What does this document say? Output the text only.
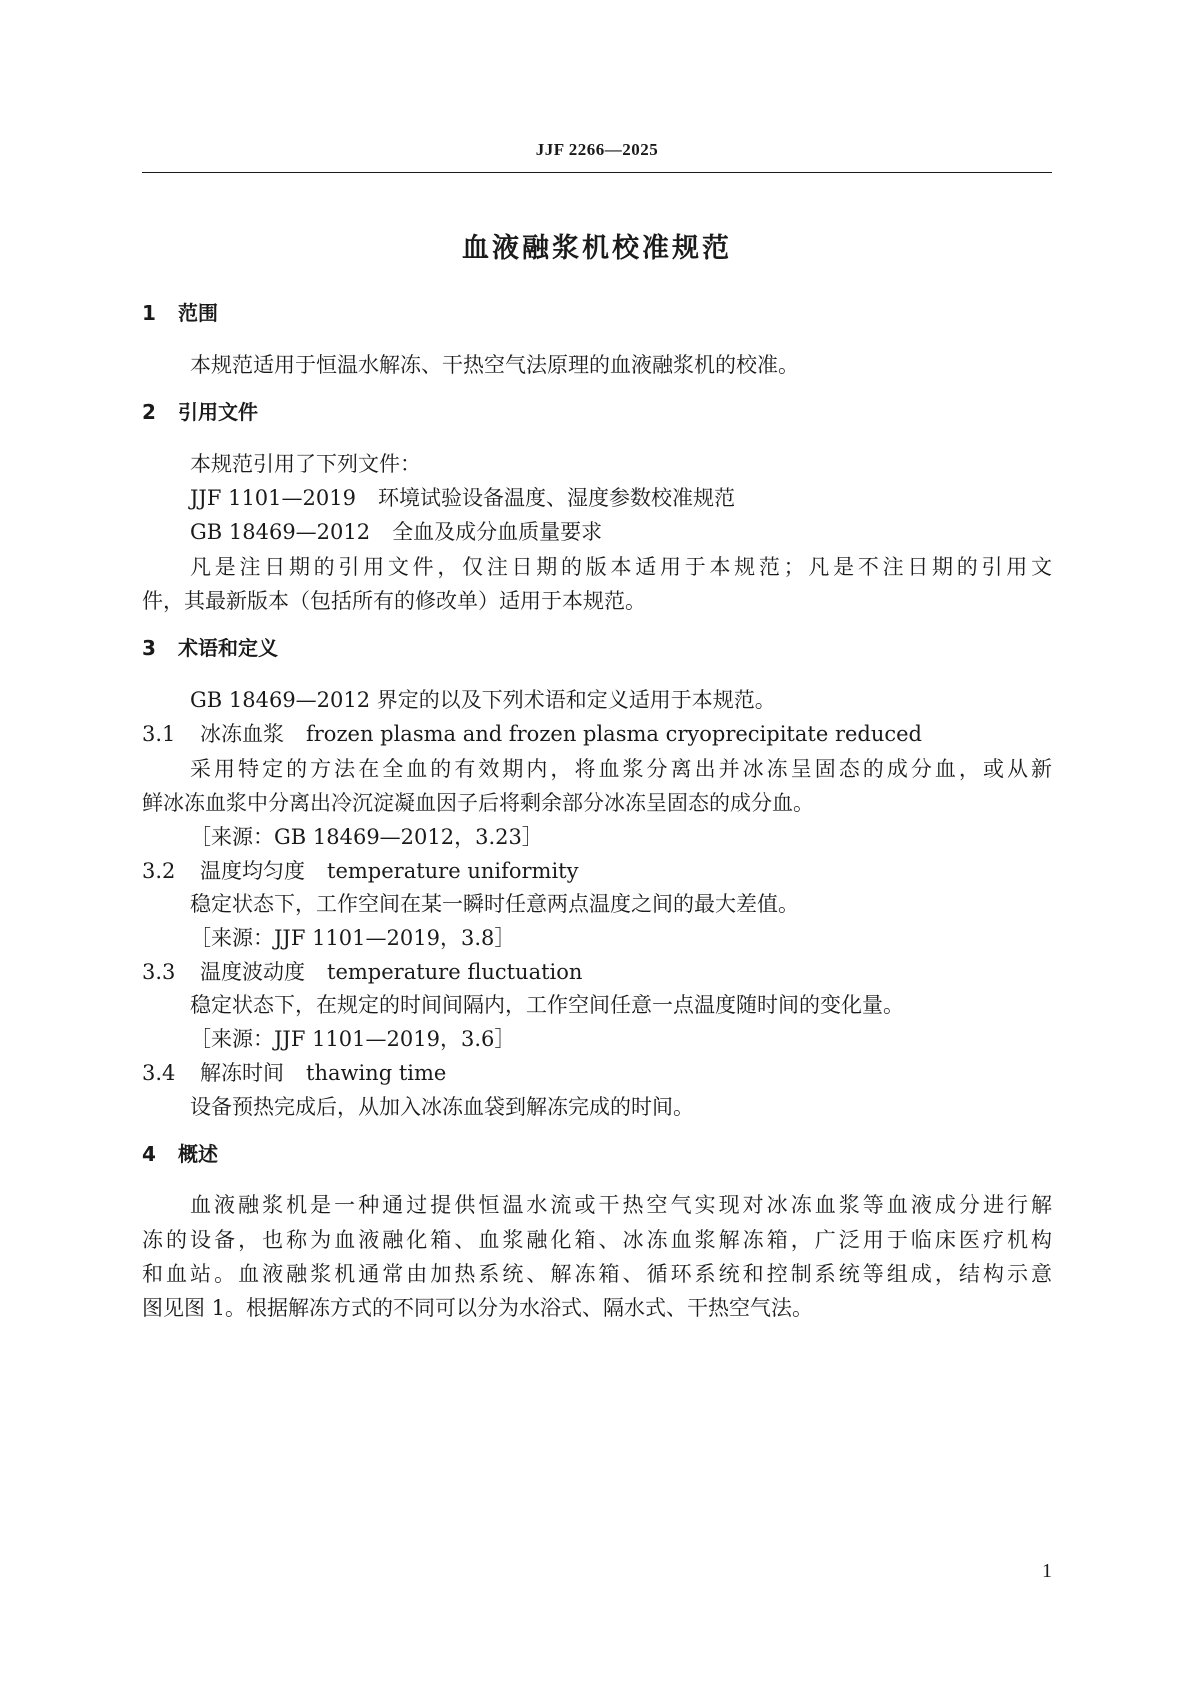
JJF 2266—2025
血液融浆机校准规范
1 范围
本规范适用于恒温水解冻、干热空气法原理的血液融浆机的校准。
2 引用文件
本规范引用了下列文件：
JJF 1101—2019 环境试验设备温度、湿度参数校准规范
GB 18469—2012 全血及成分血质量要求
凡是注日期的引用文件，仅注日期的版本适用于本规范；凡是不注日期的引用文
件，其最新版本（包括所有的修改单）适用于本规范。
3 术语和定义
GB 18469—2012 界定的以及下列术语和定义适用于本规范。
3.1 冰冻血浆 frozen plasma and frozen plasma cryoprecipitate reduced
采用特定的方法在全血的有效期内，将血浆分离出并冰冻呈固态的成分血，或从新
鲜冰冻血浆中分离出冷沉淀凝血因子后将剩余部分冰冻呈固态的成分血。
［来源：GB 18469—2012，3.23］
3.2 温度均匀度 temperature uniformity
稳定状态下，工作空间在某一瞬时任意两点温度之间的最大差值。
［来源：JJF 1101—2019，3.8］
3.3 温度波动度 temperature fluctuation
稳定状态下，在规定的时间间隔内，工作空间任意一点温度随时间的变化量。
［来源：JJF 1101—2019，3.6］
3.4 解冻时间 thawing time
设备预热完成后，从加入冰冻血袋到解冻完成的时间。
4 概述
血液融浆机是一种通过提供恒温水流或干热空气实现对冰冻血浆等血液成分进行解
冻的设备，也称为血液融化箱、血浆融化箱、冰冻血浆解冻箱，广泛用于临床医疗机构
和血站。血液融浆机通常由加热系统、解冻箱、循环系统和控制系统等组成，结构示意
图见图 1。根据解冻方式的不同可以分为水浴式、隔水式、干热空气法。
1
